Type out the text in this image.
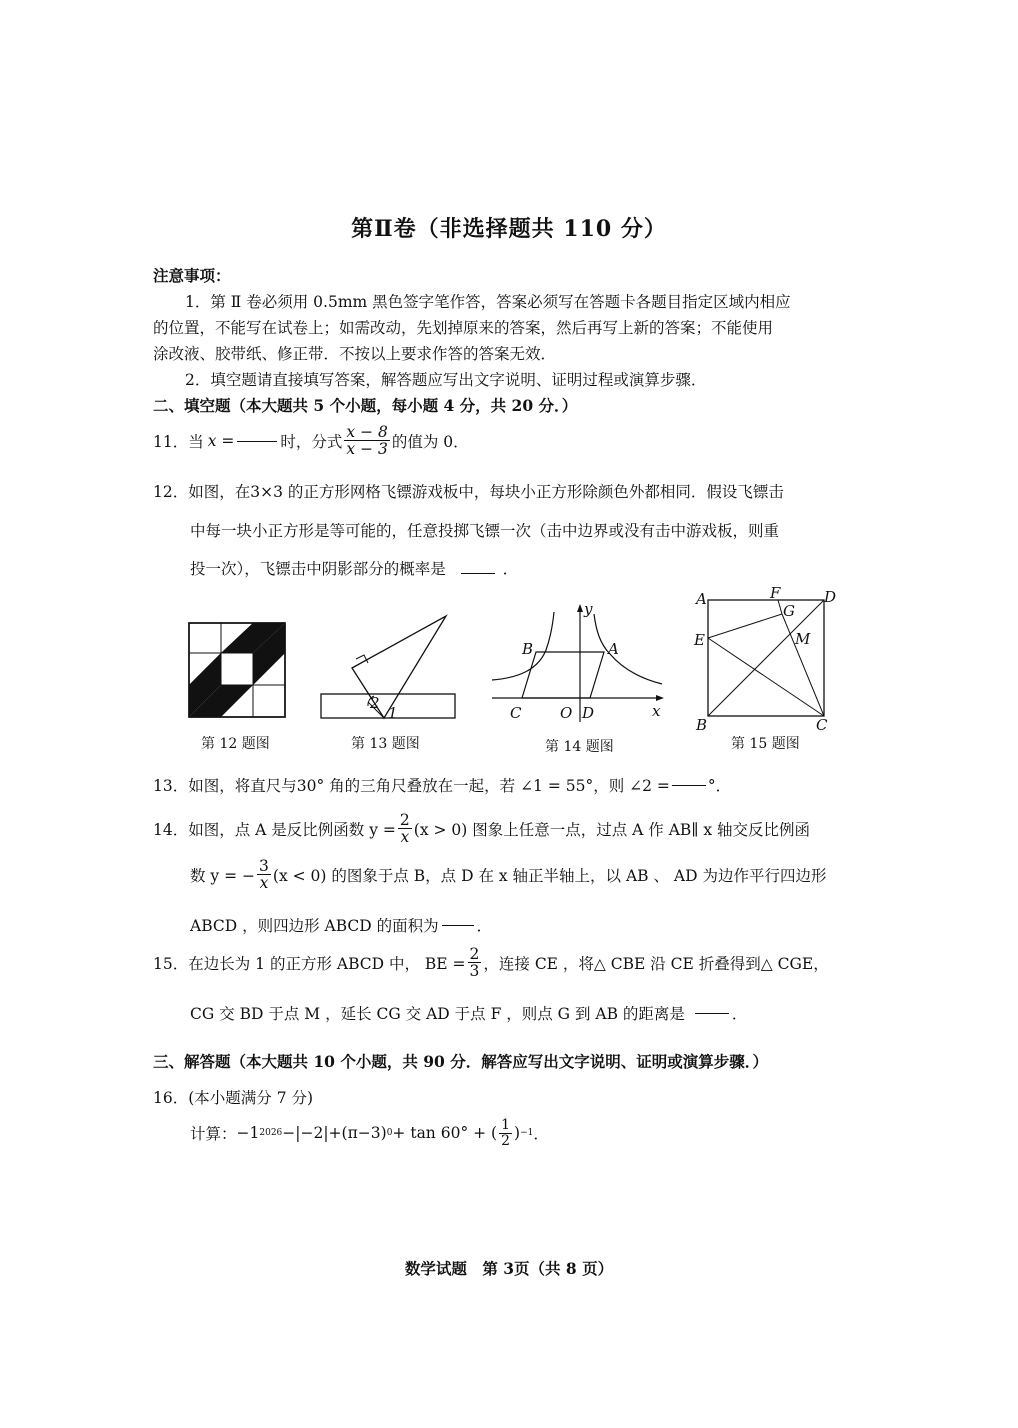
第Ⅱ卷（非选择题共 110 分）
注意事项：
1．第 Ⅱ 卷必须用 0.5mm 黑色签字笔作答，答案必须写在答题卡各题目指定区域内相应
的位置，不能写在试卷上；如需改动，先划掉原来的答案，然后再写上新的答案；不能使用
涂改液、胶带纸、修正带．不按以上要求作答的答案无效．
2．填空题请直接填写答案，解答题应写出文字说明、证明过程或演算步骤．
二、填空题（本大题共 5 个小题，每小题 4 分，共 20 分．）
11． 当 x =	时，分式 $\frac{x - 8}{x - 3}$ 的值为 0．
12．如图，在3×3 的正方形网格飞镖游戏板中，每块小正方形除颜色外都相同．假设飞镖击
中每一块小正方形是等可能的，任意投掷飞镖一次（击中边界或没有击中游戏板，则重
投一次），飞镖击中阴影部分的概率是	．
第 12 题图
2
1
第 13 题图
y
x
B	A
C	O D
第 14 题图
A	F
G
D
E	M
B	C
第 15 题图
13． 如图，将直尺与30° 角的三角尺叠放在一起，若 ∠1 = 55°，则 ∠2 = °．
14． 如图，点 A 是反比例函数 $y = \frac{2}{x} (x > 0)$ 图象上任意一点，过点 A 作 AB∥ x 轴交反比例函
数 y = − $\frac{3}{x} (x < 0)$ 的图象于点 B，点 D 在 x 轴正半轴上，以 AB 、 AD 为边作平行四边形
ABCD ，则四边形 ABCD 的面积为 ．
15． 在边长为 1 的正方形 ABCD 中， BE = $\frac{2}{3}$ ，连接 CE ，将△ CBE 沿 CE 折叠得到△ CGE，
CG 交 BD 于点 M ，延长 CG 交 AD 于点 F ，则点 G 到 AB 的距离是	．
三、解答题（本大题共 10 个小题，共 90 分．解答应写出文字说明、证明或演算步骤．）
16．(本小题满分 7 分)
计算： −1 2026 −|−2|+(π−3) 0 + tan 60° + ( $\frac{1}{2}$ ) −1 ．
数学试题　第 3页（共 8 页）
